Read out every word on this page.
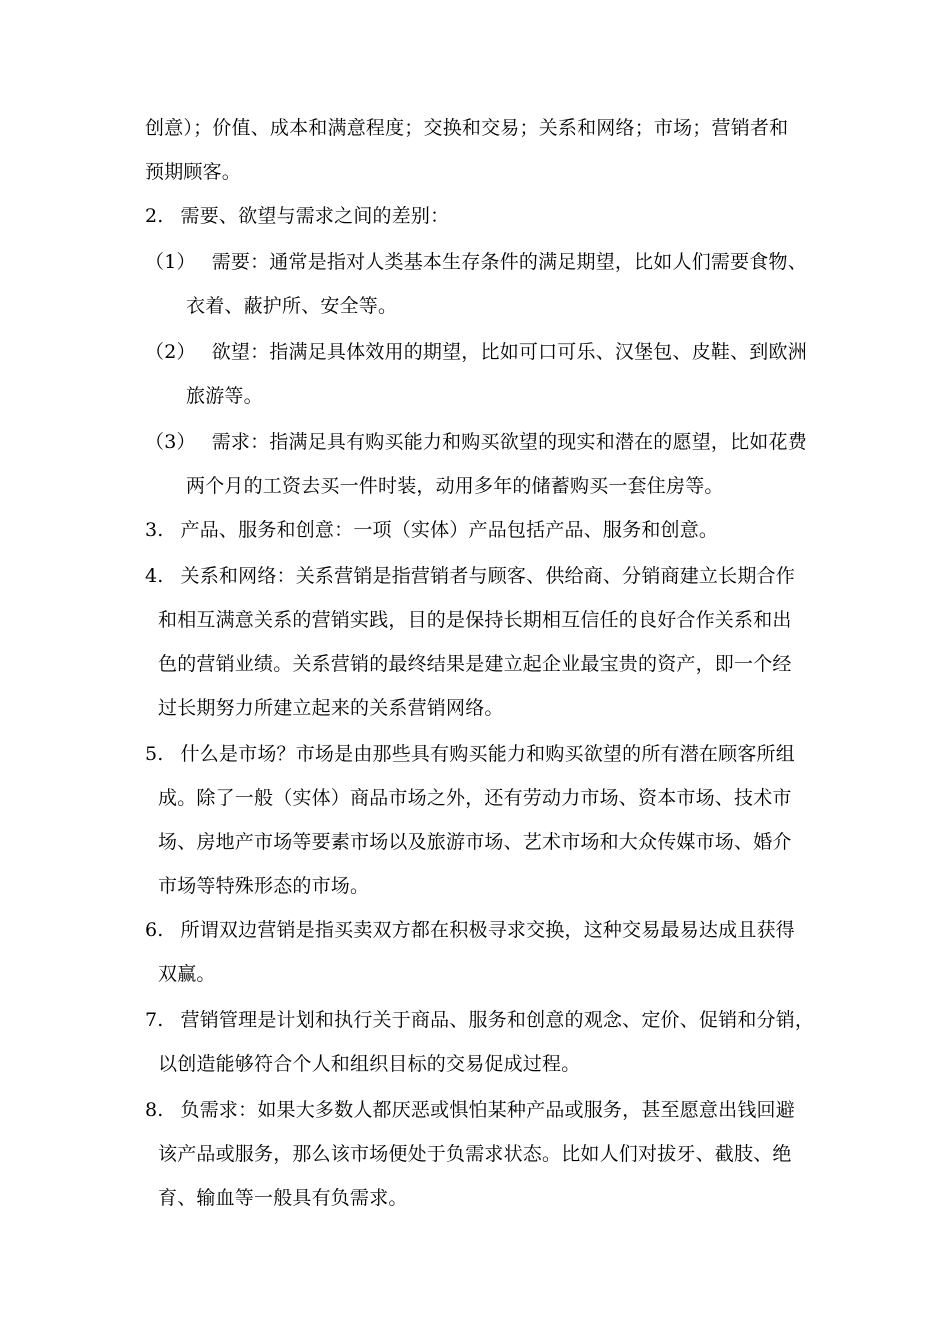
创意）；价值、成本和满意程度；交换和交易；关系和网络；市场；营销者和
预期顾客。
2. 需要、欲望与需求之间的差别：
（1） 需要：通常是指对人类基本生存条件的满足期望，比如人们需要食物、
衣着、蔽护所、安全等。
（2） 欲望：指满足具体效用的期望，比如可口可乐、汉堡包、皮鞋、到欧洲
旅游等。
（3） 需求：指满足具有购买能力和购买欲望的现实和潜在的愿望，比如花费
两个月的工资去买一件时装，动用多年的储蓄购买一套住房等。
3. 产品、服务和创意：一项（实体）产品包括产品、服务和创意。
4. 关系和网络：关系营销是指营销者与顾客、供给商、分销商建立长期合作
和相互满意关系的营销实践，目的是保持长期相互信任的良好合作关系和出
色的营销业绩。关系营销的最终结果是建立起企业最宝贵的资产，即一个经
过长期努力所建立起来的关系营销网络。
5. 什么是市场？市场是由那些具有购买能力和购买欲望的所有潜在顾客所组
成。除了一般（实体）商品市场之外，还有劳动力市场、资本市场、技术市
场、房地产市场等要素市场以及旅游市场、艺术市场和大众传媒市场、婚介
市场等特殊形态的市场。
6. 所谓双边营销是指买卖双方都在积极寻求交换，这种交易最易达成且获得
双赢。
7. 营销管理是计划和执行关于商品、服务和创意的观念、定价、促销和分销，
以创造能够符合个人和组织目标的交易促成过程。
8. 负需求：如果大多数人都厌恶或惧怕某种产品或服务，甚至愿意出钱回避
该产品或服务，那么该市场便处于负需求状态。比如人们对拔牙、截肢、绝
育、输血等一般具有负需求。
